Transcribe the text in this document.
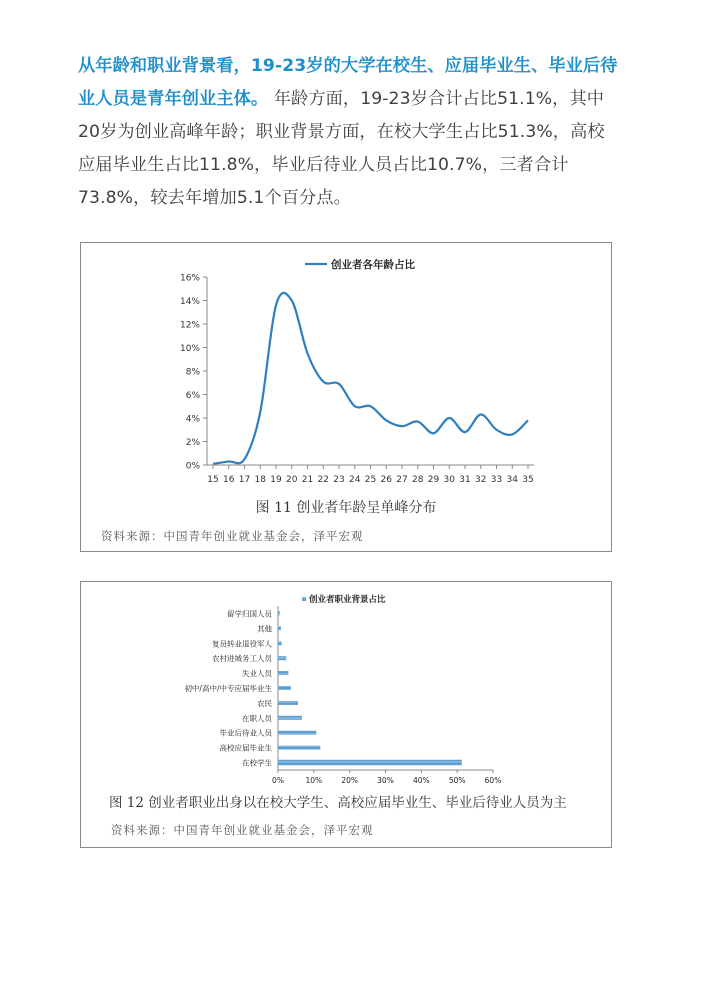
从年龄和职业背景看，19-23岁的大学在校生、应届毕业生、毕业后待业人员是青年创业主体。 年龄方面，19-23岁合计占比51.1%，其中20岁为创业高峰年龄；职业背景方面，在校大学生占比51.3%，高校应届毕业生占比11.8%，毕业后待业人员占比10.7%，三者合计73.8%，较去年增加5.1个百分点。
0%
2%
4%
6%
8%
10%
12%
14%
16%
15 16 17 18 19 20 21 22 23 24 25 26 27 28 29 30 31 32 33 34 35
创业者各年龄占比
图 11 创业者年龄呈单峰分布
资料来源：中国青年创业就业基金会，泽平宏观
留学归国人员
其他
复员转业退役军人
农村进城务工人员
失业人员
初中/高中/中专应届毕业生
农民
在职人员
毕业后待业人员
高校应届毕业生
在校学生
0%	10%	20%	30%	40%	50%	60%
创业者职业背景占比
图 12 创业者职业出身以在校大学生、高校应届毕业生、毕业后待业人员为主
资料来源：中国青年创业就业基金会，泽平宏观
